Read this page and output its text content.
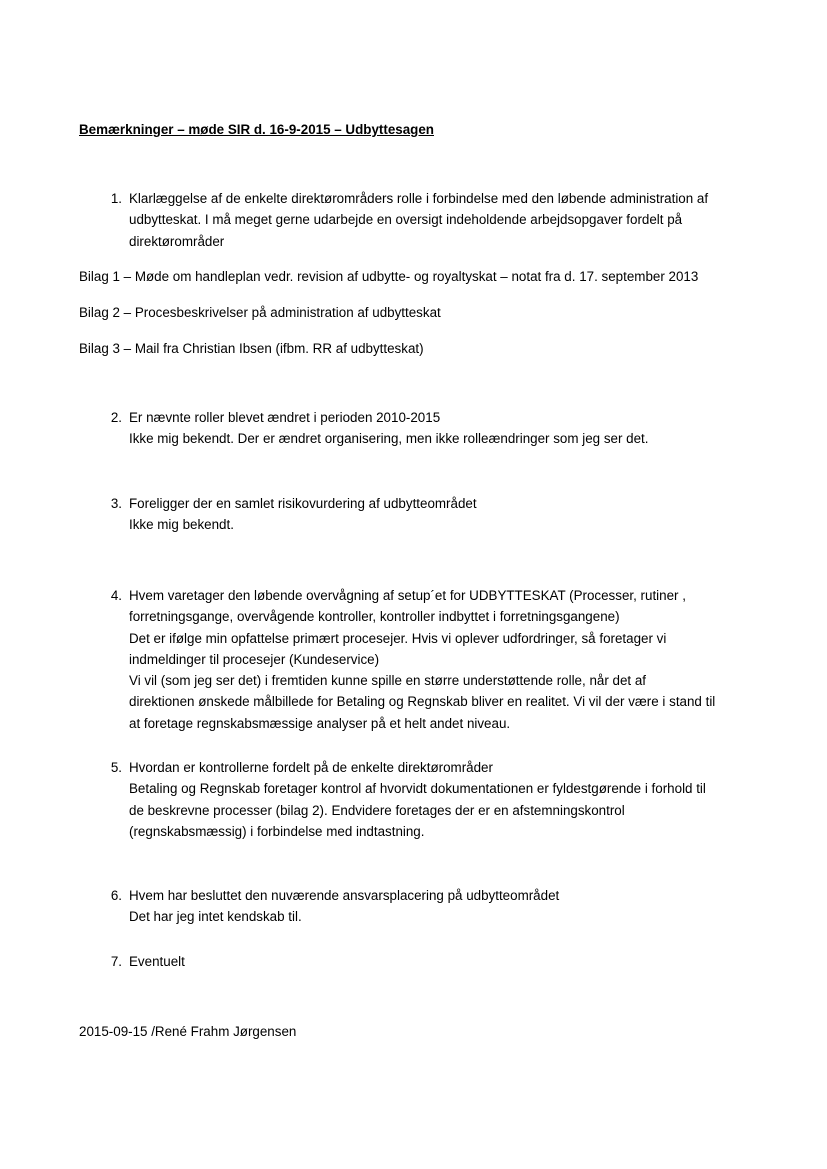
Bemærkninger – møde SIR d. 16-9-2015 – Udbyttesagen
1. Klarlæggelse af de enkelte direktørområders rolle i forbindelse med den løbende administration af
udbytteskat. I må meget gerne udarbejde en oversigt indeholdende arbejdsopgaver fordelt på
direktørområder
Bilag 1 – Møde om handleplan vedr. revision af udbytte- og royaltyskat – notat fra d. 17. september 2013
Bilag 2 – Procesbeskrivelser på administration af udbytteskat
Bilag 3 – Mail fra Christian Ibsen (ifbm. RR af udbytteskat)
2. Er nævnte roller blevet ændret i perioden 2010-2015
Ikke mig bekendt. Der er ændret organisering, men ikke rolleændringer som jeg ser det.
3. Foreligger der en samlet risikovurdering af udbytteområdet
Ikke mig bekendt.
4. Hvem varetager den løbende overvågning af setup´et for UDBYTTESKAT (Processer, rutiner ,
forretningsgange, overvågende kontroller, kontroller indbyttet i forretningsgangene)
Det er ifølge min opfattelse primært procesejer. Hvis vi oplever udfordringer, så foretager vi
indmeldinger til procesejer (Kundeservice)
Vi vil (som jeg ser det) i fremtiden kunne spille en større understøttende rolle, når det af
direktionen ønskede målbillede for Betaling og Regnskab bliver en realitet. Vi vil der være i stand til
at foretage regnskabsmæssige analyser på et helt andet niveau.
5. Hvordan er kontrollerne fordelt på de enkelte direktørområder
Betaling og Regnskab foretager kontrol af hvorvidt dokumentationen er fyldestgørende i forhold til
de beskrevne processer (bilag 2). Endvidere foretages der er en afstemningskontrol
(regnskabsmæssig) i forbindelse med indtastning.
6. Hvem har besluttet den nuværende ansvarsplacering på udbytteområdet
Det har jeg intet kendskab til.
7. Eventuelt
2015-09-15 /René Frahm Jørgensen
